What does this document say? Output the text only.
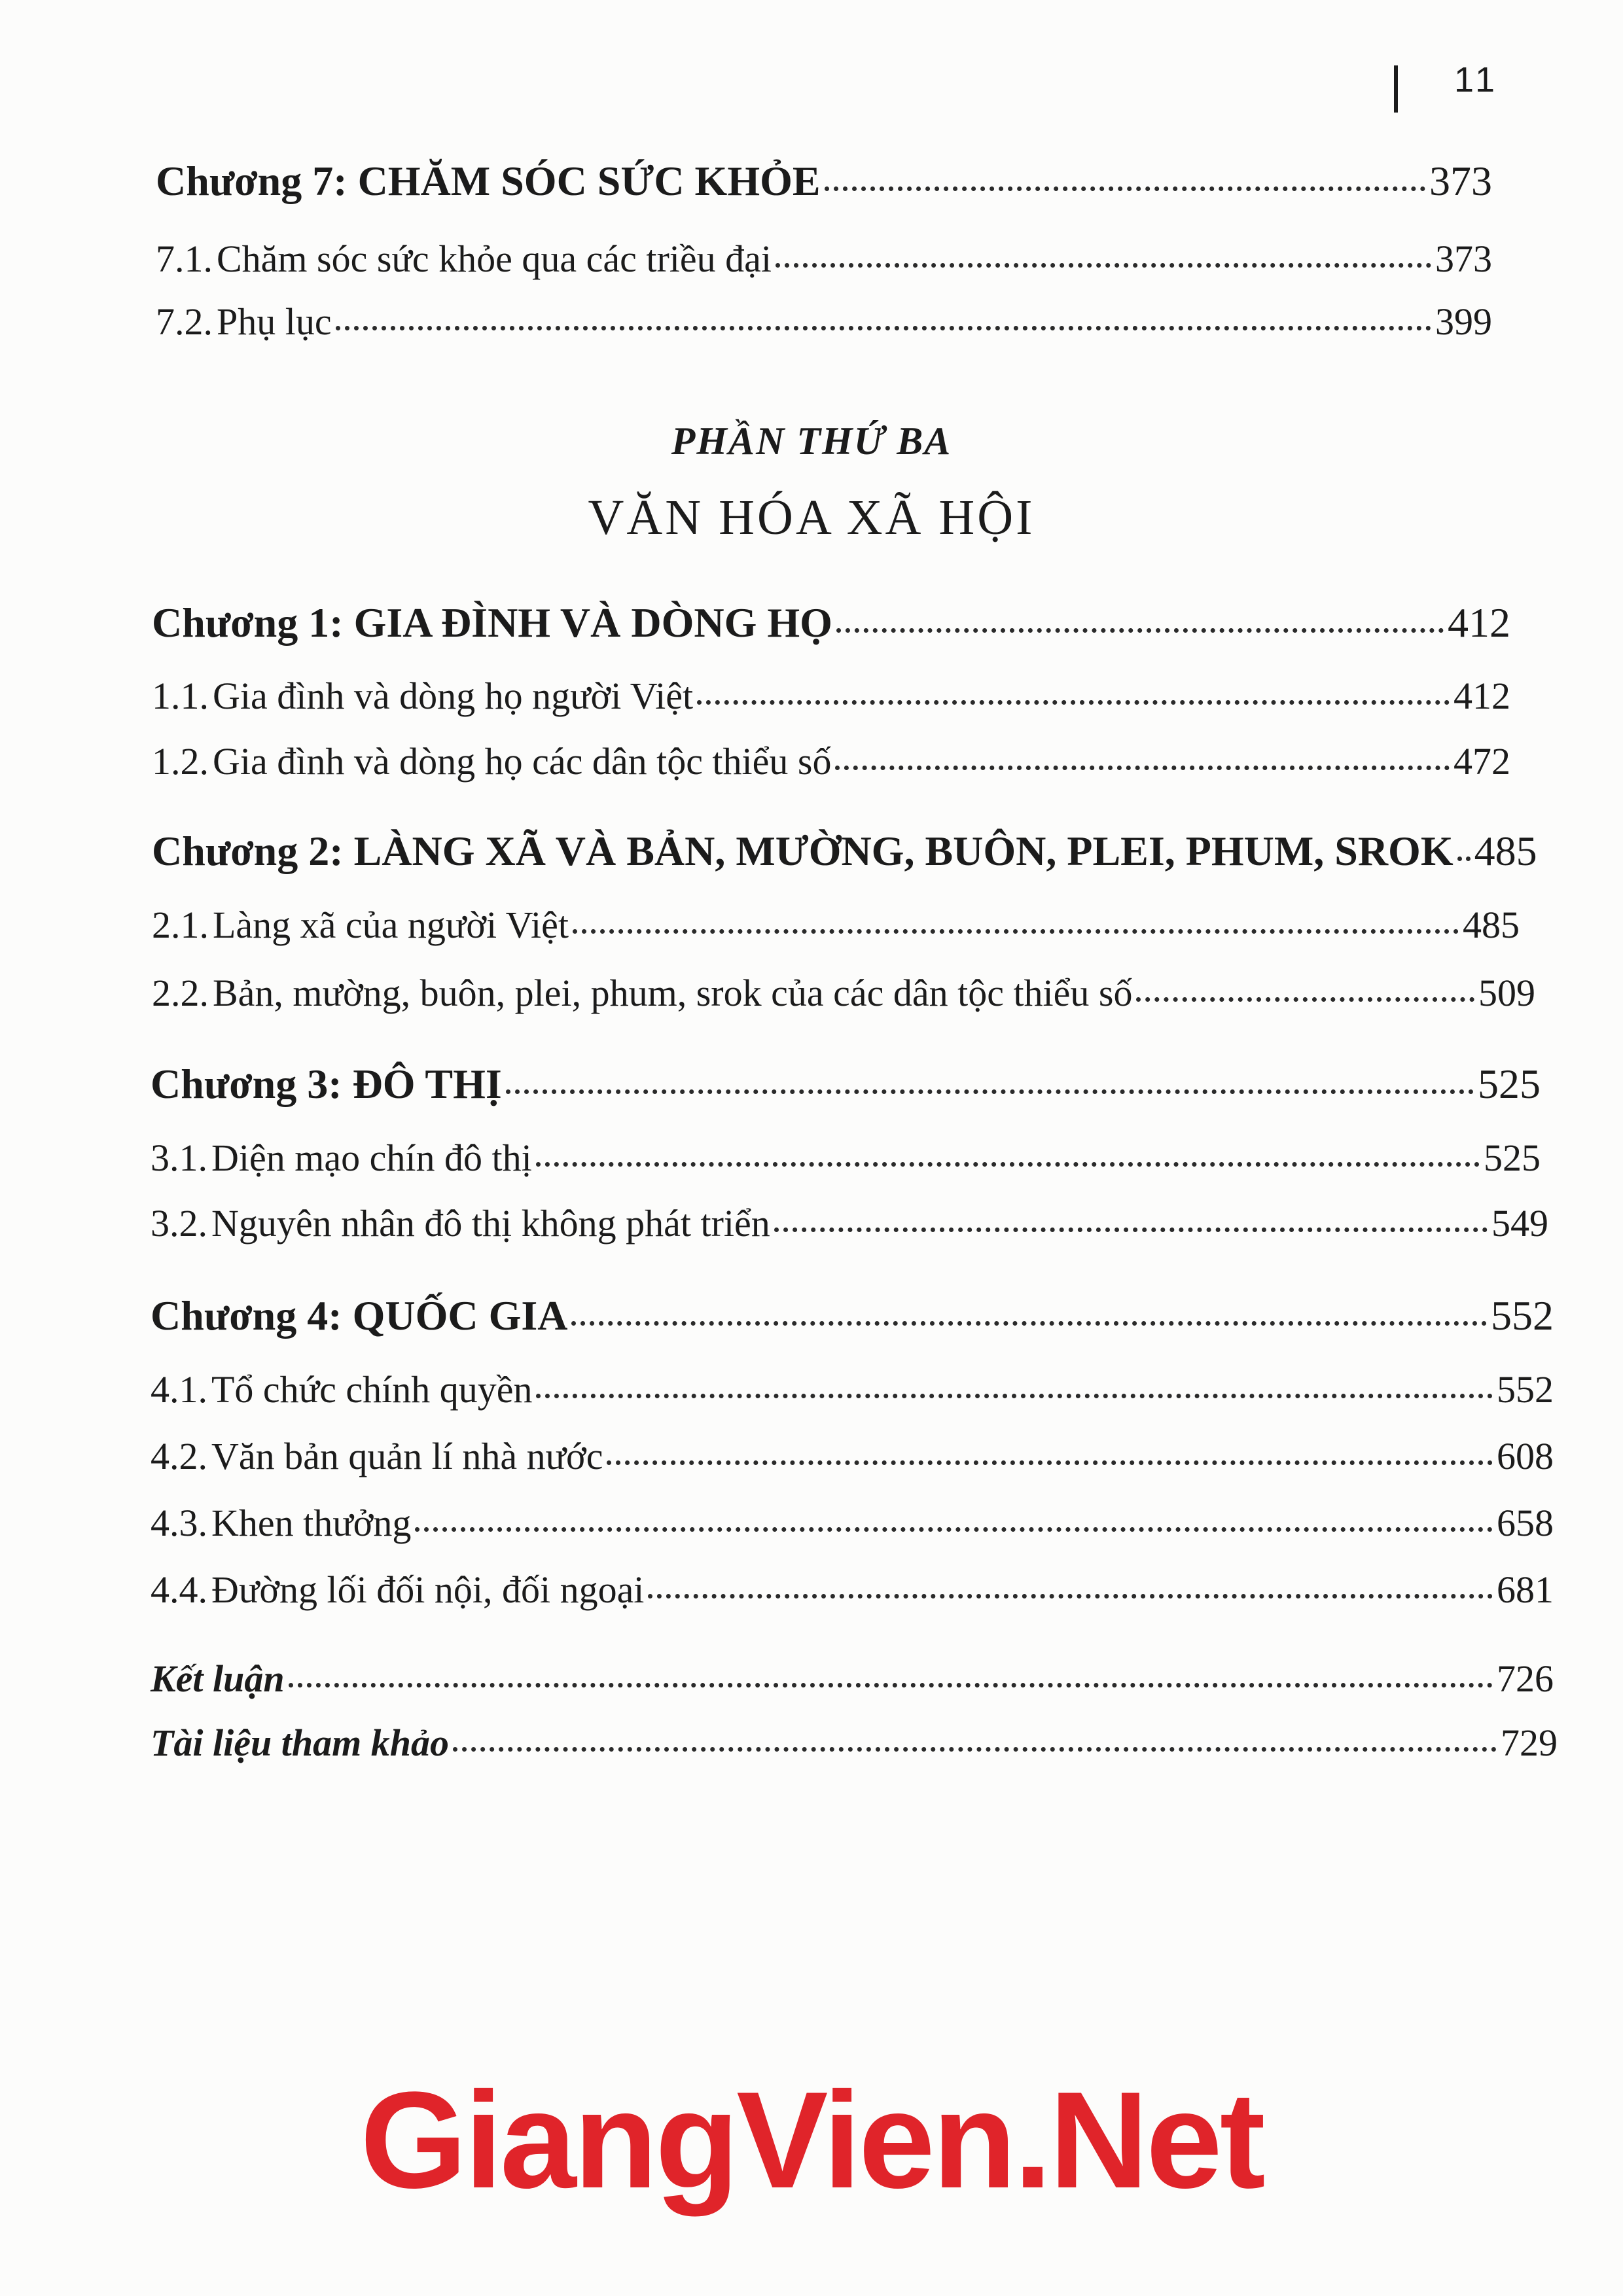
11
Chương 7: CHĂM SÓC SỨC KHỎE	373
7.1. Chăm sóc sức khỏe qua các triều đại	373
7.2. Phụ lục	399
PHẦN THỨ BA
VĂN HÓA XÃ HỘI
Chương 1: GIA ĐÌNH VÀ DÒNG HỌ	412
1.1. Gia đình và dòng họ người Việt	412
1.2. Gia đình và dòng họ các dân tộc thiểu số	472
Chương 2: LÀNG XÃ VÀ BẢN, MƯỜNG, BUÔN, PLEI, PHUM, SROK 485
2.1. Làng xã của người Việt	485
2.2. Bản, mường, buôn, plei, phum, srok của các dân tộc thiểu số	509
Chương 3: ĐÔ THỊ	525
3.1. Diện mạo chín đô thị	525
3.2. Nguyên nhân đô thị không phát triển	549
Chương 4: QUỐC GIA	552
4.1. Tổ chức chính quyền	552
4.2. Văn bản quản lí nhà nước	608
4.3. Khen thưởng	658
4.4. Đường lối đối nội, đối ngoại	681
Kết luận	726
Tài liệu tham khảo	729
GiangVien.Net
